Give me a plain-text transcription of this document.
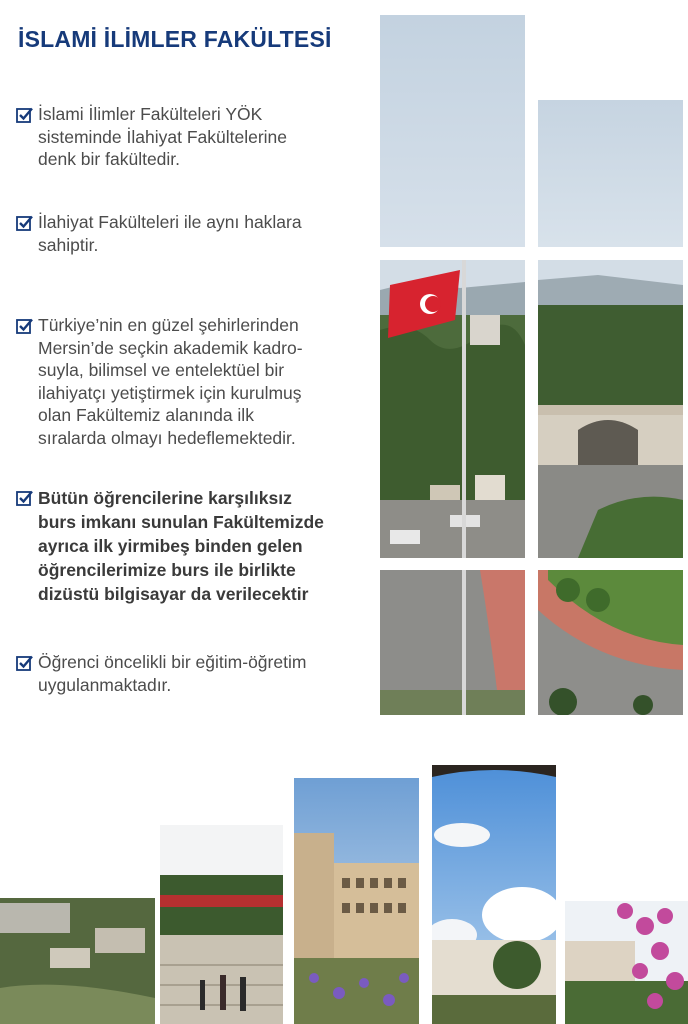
İSLAMİ İLİMLER FAKÜLTESİ
İslami İlimler Fakülteleri YÖK
sisteminde İlahiyat Fakültelerine
denk bir fakültedir.
İlahiyat Fakülteleri ile aynı haklara
sahiptir.
Türkiye’nin en güzel şehirlerinden
Mersin’de seçkin akademik kadro-
suyla, bilimsel ve entelektüel bir
ilahiyatçı yetiştirmek için kurulmuş
olan Fakültemiz alanında ilk
sıralarda olmayı hedeflemektedir.
Bütün öğrencilerine karşılıksız
burs imkanı sunulan Fakültemizde
ayrıca ilk yirmibeş binden gelen
öğrencilerimize burs ile birlikte
dizüstü bilgisayar da verilecektir
Öğrenci öncelikli bir eğitim-öğretim
uygulanmaktadır.
